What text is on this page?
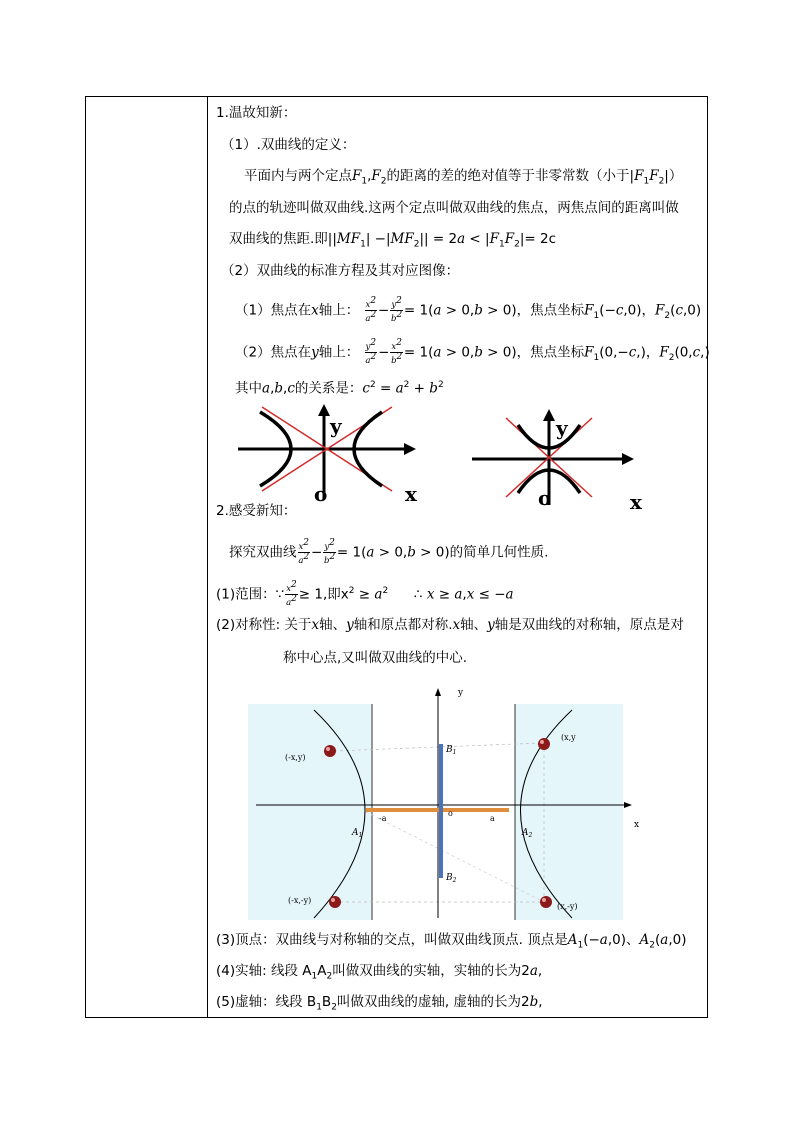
1.温故知新：
（1）.双曲线的定义：
平面内与两个定点$F_1,F_2$的距离的差的绝对值等于非零常数（小于$|F_1F_2|$）
的点的轨迹叫做双曲线.这两个定点叫做双曲线的焦点，两焦点间的距离叫做
双曲线的焦距.即$||MF_1| -|MF_2|| = 2a < |F_1F_2|= 2c$
（2）双曲线的标准方程及其对应图像：
（1）焦点在x轴上： $\frac{x^2}{a^2} - \frac{y^2}{b^2} = 1(a > 0,b > 0)$，焦点坐标$F_1(-c,0)$，$F_2(c,0)$
（2）焦点在y轴上： $\frac{y^2}{a^2} - \frac{x^2}{b^2} = 1(a > 0,b > 0)$，焦点坐标$F_1(0,-c,)$，$F_2(0,c,)$
其中a,b,c的关系是：$c^2 = a^2 + b^2$
y
o	x
y
o	x
2.感受新知：
探究双曲线 $\frac{x^2}{a^2} - \frac{y^2}{b^2} = 1(a > 0,b > 0)$的简单几何性质.
(1)范围：∵ $\frac{x^2}{a^2} \ge 1$,即$x^2 \ge a^2$ ∴ x ≥ a,x ≤ −a
(2)对称性: 关于x轴、y轴和原点都对称.x轴、y轴是双曲线的对称轴，原点是对
称中心点,又叫做双曲线的中心.
y
x
$B_1$
$B_2$
$A_1$	$A_2$
-a	a
o
(-x,y)
(x,y
(-x,-y)
(x,-y)
(3)顶点：双曲线与对称轴的交点，叫做双曲线顶点. 顶点是$A_1(-a,0)$、$A_2(a,0)$
(4)实轴: 线段 $A_1A_2$叫做双曲线的实轴，实轴的长为2a,
(5)虚轴：线段 $B_1B_2$叫做双曲线的虚轴, 虚轴的长为2b,
